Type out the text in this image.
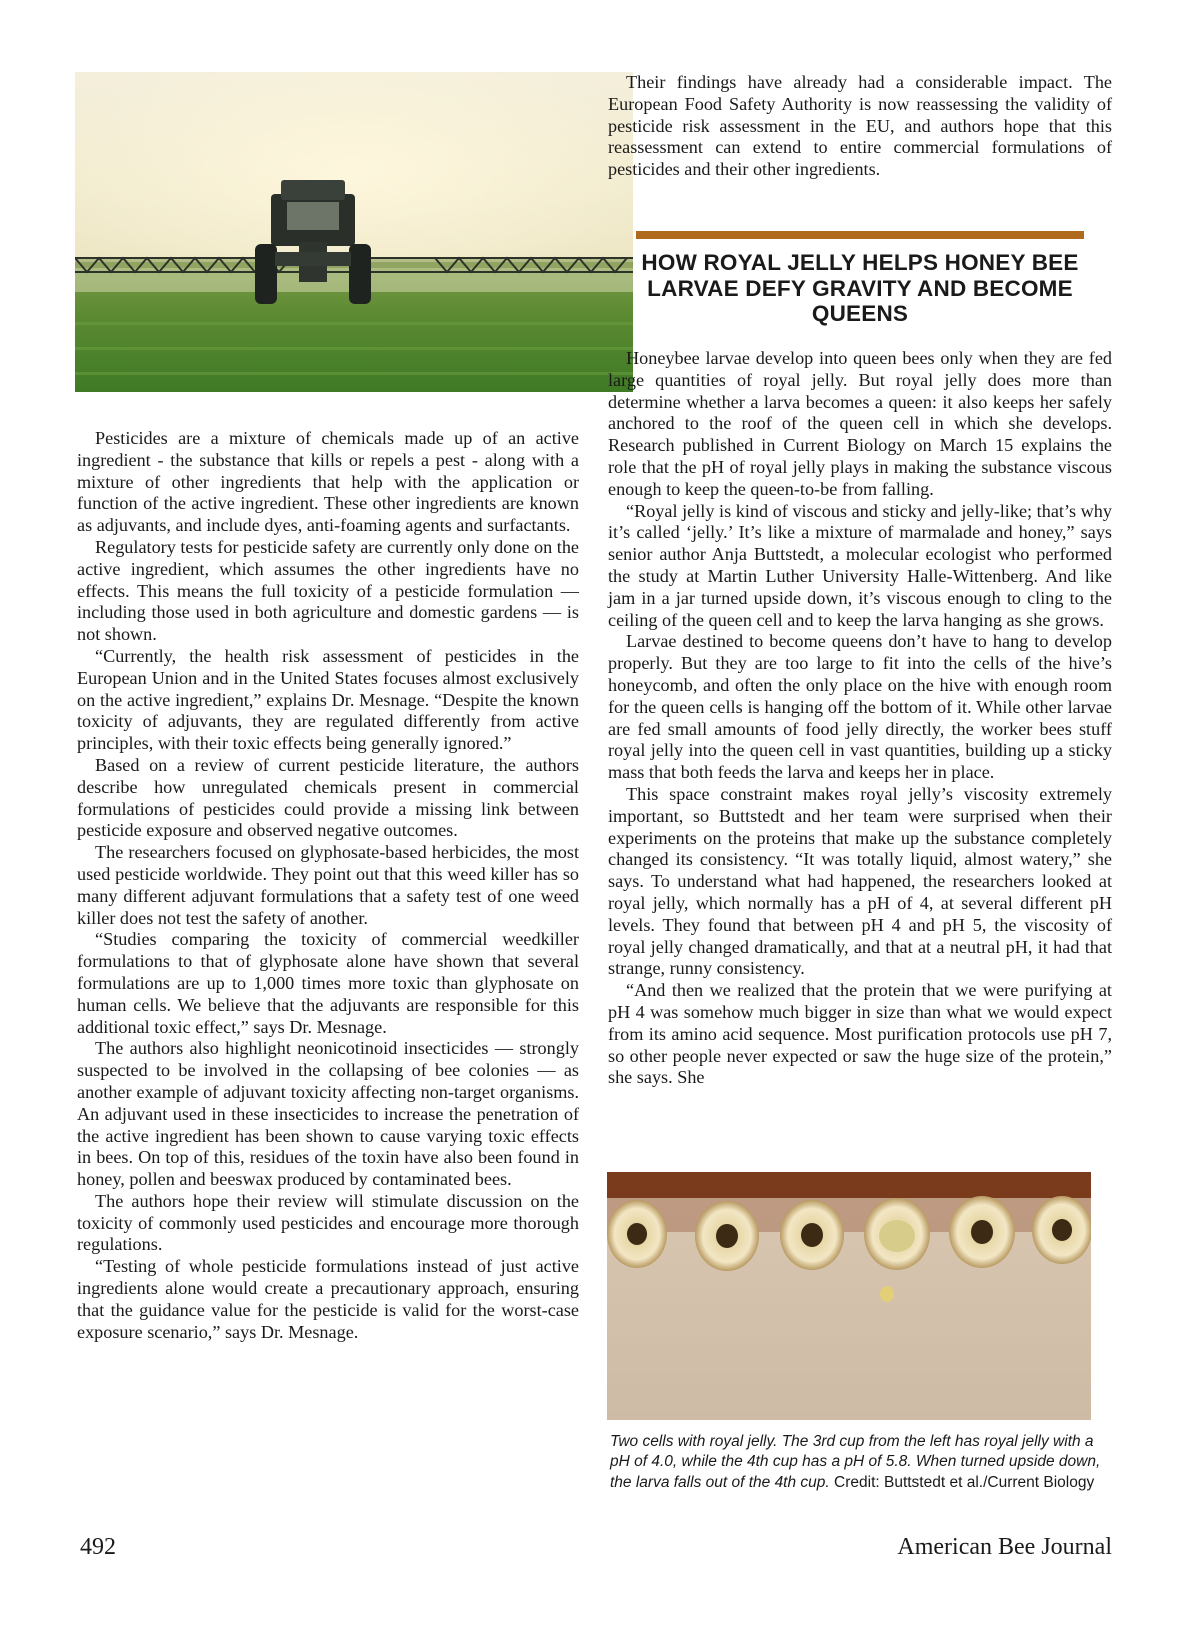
Pesticides are a mixture of chemicals made up of an active ingredient - the substance that kills or repels a pest - along with a mixture of other ingredients that help with the application or function of the active ingredient. These other ingredients are known as adjuvants, and include dyes, anti-foaming agents and surfactants.

Regulatory tests for pesticide safety are currently only done on the active ingredient, which assumes the other ingredients have no effects. This means the full toxicity of a pesticide formulation — including those used in both agriculture and domestic gardens — is not shown.

“Currently, the health risk assessment of pesticides in the European Union and in the United States focuses almost exclusively on the active ingredient,” explains Dr. Mesnage. “Despite the known toxicity of adjuvants, they are regulated differently from active principles, with their toxic effects being generally ignored.”

Based on a review of current pesticide literature, the authors describe how unregulated chemicals present in commercial formulations of pesticides could provide a missing link between pesticide exposure and observed negative outcomes.

The researchers focused on glyphosate-based herbicides, the most used pesticide worldwide. They point out that this weed killer has so many different adjuvant formulations that a safety test of one weed killer does not test the safety of another.

“Studies comparing the toxicity of commercial weedkiller formulations to that of glyphosate alone have shown that several formulations are up to 1,000 times more toxic than glyphosate on human cells. We believe that the adjuvants are responsible for this additional toxic effect,” says Dr. Mesnage.

The authors also highlight neonicotinoid insecticides — strongly suspected to be involved in the collapsing of bee colonies — as another example of adjuvant toxicity affecting non-target organisms. An adjuvant used in these insecticides to increase the penetration of the active ingredient has been shown to cause varying toxic effects in bees. On top of this, residues of the toxin have also been found in honey, pollen and beeswax produced by contaminated bees.

The authors hope their review will stimulate discussion on the toxicity of commonly used pesticides and encourage more thorough regulations.

“Testing of whole pesticide formulations instead of just active ingredients alone would create a precautionary approach, ensuring that the guidance value for the pesticide is valid for the worst-case exposure scenario,” says Dr. Mesnage.

Their findings have already had a considerable impact. The European Food Safety Authority is now reassessing the validity of pesticide risk assessment in the EU, and authors hope that this reassessment can extend to entire commercial formulations of pesticides and their other ingredients.

HOW ROYAL JELLY HELPS HONEY BEE LARVAE DEFY GRAVITY AND BECOME QUEENS

Honeybee larvae develop into queen bees only when they are fed large quantities of royal jelly. But royal jelly does more than determine whether a larva becomes a queen: it also keeps her safely anchored to the roof of the queen cell in which she develops. Research published in Current Biology on March 15 explains the role that the pH of royal jelly plays in making the substance viscous enough to keep the queen-to-be from falling.

“Royal jelly is kind of viscous and sticky and jelly-like; that’s why it’s called ‘jelly.’ It’s like a mixture of marmalade and honey,” says senior author Anja Buttstedt, a molecular ecologist who performed the study at Martin Luther University Halle-Wittenberg. And like jam in a jar turned upside down, it’s viscous enough to cling to the ceiling of the queen cell and to keep the larva hanging as she grows.

Larvae destined to become queens don’t have to hang to develop properly. But they are too large to fit into the cells of the hive’s honeycomb, and often the only place on the hive with enough room for the queen cells is hanging off the bottom of it. While other larvae are fed small amounts of food jelly directly, the worker bees stuff royal jelly into the queen cell in vast quantities, building up a sticky mass that both feeds the larva and keeps her in place.

This space constraint makes royal jelly’s viscosity extremely important, so Buttstedt and her team were surprised when their experiments on the proteins that make up the substance completely changed its consistency. “It was totally liquid, almost watery,” she says. To understand what had happened, the researchers looked at royal jelly, which normally has a pH of 4, at several different pH levels. They found that between pH 4 and pH 5, the viscosity of royal jelly changed dramatically, and that at a neutral pH, it had that strange, runny consistency.

“And then we realized that the protein that we were purifying at pH 4 was somehow much bigger in size than what we would expect from its amino acid sequence. Most purification protocols use pH 7, so other people never expected or saw the huge size of the protein,” she says. She

Two cells with royal jelly. The 3rd cup from the left has royal jelly with a pH of 4.0, while the 4th cup has a pH of 5.8. When turned upside down, the larva falls out of the 4th cup. Credit: Buttstedt et al./Current Biology
492	American Bee Journal
